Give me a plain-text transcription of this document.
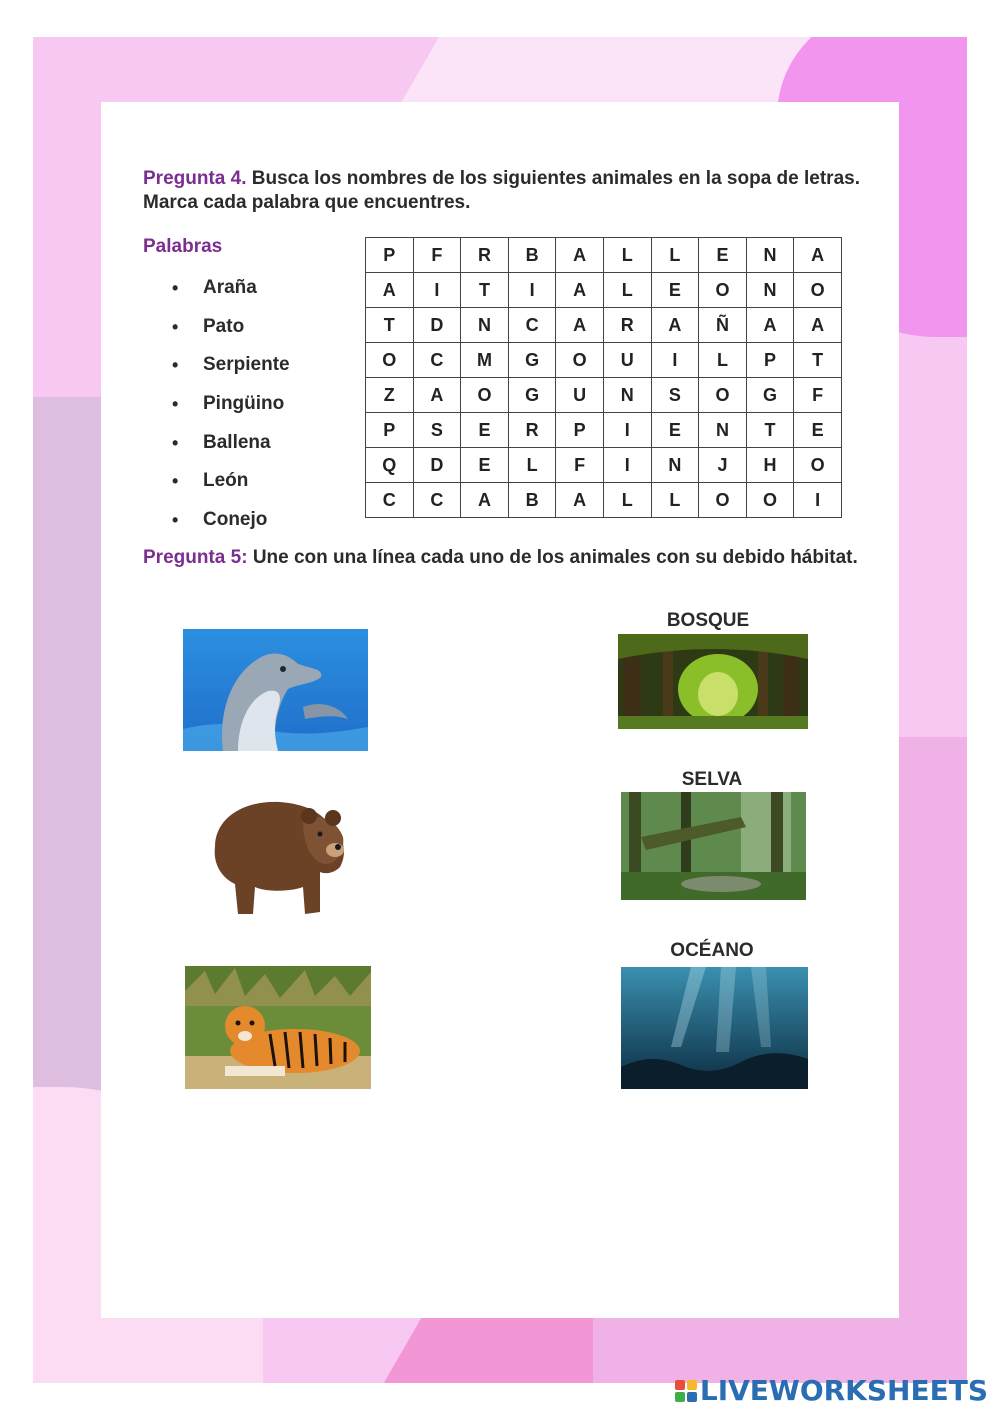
Pregunta 4. Busca los nombres de los siguientes animales en la sopa de letras. Marca cada palabra que encuentres.
Palabras
• Araña
• Pato
• Serpiente
• Pingüino
• Ballena
• León
• Conejo
P	F	R	B	A	L	L	E	N	A
A	I	T	I	A	L	E	O	N	O
T	D	N	C	A	R	A	Ñ	A	A
O	C	M	G	O	U	I	L	P	T
Z	A	O	G	U	N	S	O	G	F
P	S	E	R	P	I	E	N	T	E
Q	D	E	L	F	I	N	J	H	O
C	C	A	B	A	L	L	O	O	I
Pregunta 5: Une con una línea cada uno de los animales con su debido hábitat.
BOSQUE
SELVA
OCÉANO
LIVEWORKSHEETS
